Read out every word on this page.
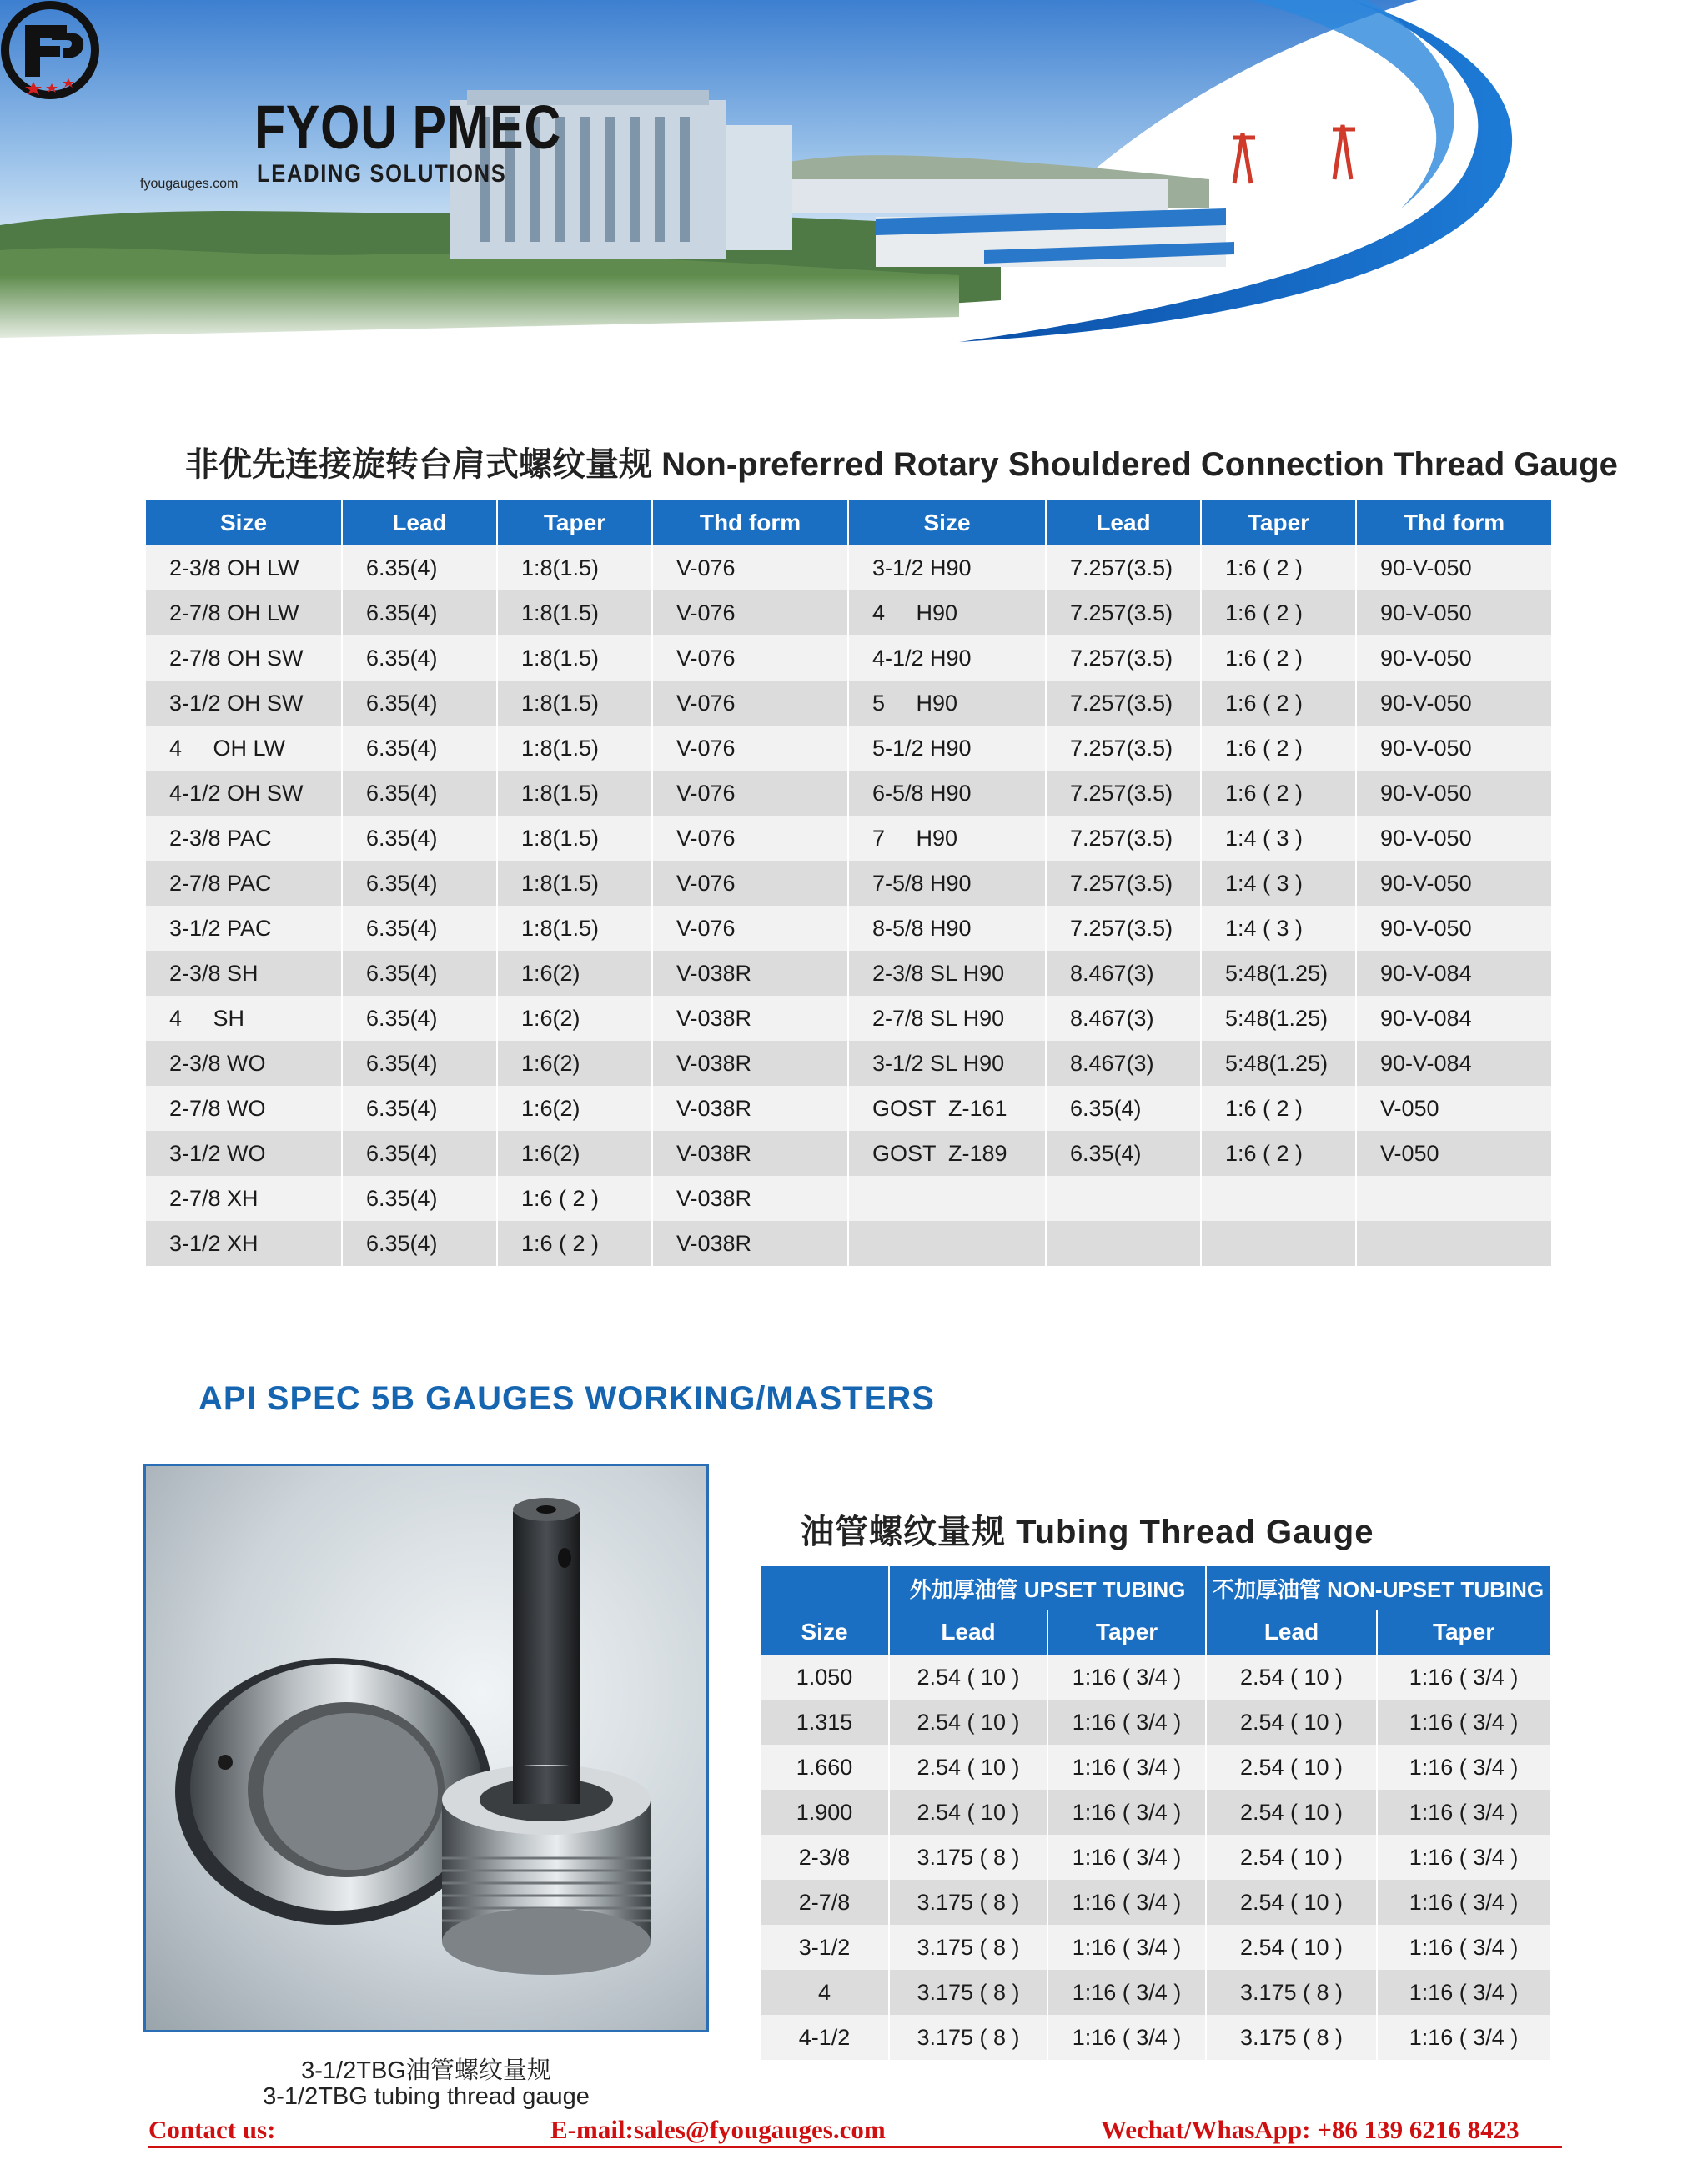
FYOU PMEC
LEADING SOLUTIONS
fyougauges.com
非优先连接旋转台肩式螺纹量规 Non-preferred Rotary Shouldered Connection Thread Gauge
Size	Lead	Taper	Thd form	Size	Lead	Taper	Thd form
2-3/8 OH LW	6.35(4)	1:8(1.5)	V-076	3-1/2 H90	7.257(3.5)	1:6 ( 2 )	90-V-050
2-7/8 OH LW	6.35(4)	1:8(1.5)	V-076	4     H90	7.257(3.5)	1:6 ( 2 )	90-V-050
2-7/8 OH SW	6.35(4)	1:8(1.5)	V-076	4-1/2 H90	7.257(3.5)	1:6 ( 2 )	90-V-050
3-1/2 OH SW	6.35(4)	1:8(1.5)	V-076	5     H90	7.257(3.5)	1:6 ( 2 )	90-V-050
4     OH LW	6.35(4)	1:8(1.5)	V-076	5-1/2 H90	7.257(3.5)	1:6 ( 2 )	90-V-050
4-1/2 OH SW	6.35(4)	1:8(1.5)	V-076	6-5/8 H90	7.257(3.5)	1:6 ( 2 )	90-V-050
2-3/8 PAC	6.35(4)	1:8(1.5)	V-076	7     H90	7.257(3.5)	1:4 ( 3 )	90-V-050
2-7/8 PAC	6.35(4)	1:8(1.5)	V-076	7-5/8 H90	7.257(3.5)	1:4 ( 3 )	90-V-050
3-1/2 PAC	6.35(4)	1:8(1.5)	V-076	8-5/8 H90	7.257(3.5)	1:4 ( 3 )	90-V-050
2-3/8 SH	6.35(4)	1:6(2)	V-038R	2-3/8 SL H90	8.467(3)	5:48(1.25)	90-V-084
4     SH	6.35(4)	1:6(2)	V-038R	2-7/8 SL H90	8.467(3)	5:48(1.25)	90-V-084
2-3/8 WO	6.35(4)	1:6(2)	V-038R	3-1/2 SL H90	8.467(3)	5:48(1.25)	90-V-084
2-7/8 WO	6.35(4)	1:6(2)	V-038R	GOST  Z-161	6.35(4)	1:6 ( 2 )	V-050
3-1/2 WO	6.35(4)	1:6(2)	V-038R	GOST  Z-189	6.35(4)	1:6 ( 2 )	V-050
2-7/8 XH	6.35(4)	1:6 ( 2 )	V-038R				
3-1/2 XH	6.35(4)	1:6 ( 2 )	V-038R				
API SPEC 5B GAUGES WORKING/MASTERS
3-1/2TBG油管螺纹量规
3-1/2TBG tubing thread gauge
油管螺纹量规 Tubing Thread Gauge
	外加厚油管 UPSET TUBING		不加厚油管 NON-UPSET TUBING	
Size	Lead	Taper	Lead	Taper
1.050	2.54 ( 10 )	1:16 ( 3/4 )	2.54 ( 10 )	1:16 ( 3/4 )
1.315	2.54 ( 10 )	1:16 ( 3/4 )	2.54 ( 10 )	1:16 ( 3/4 )
1.660	2.54 ( 10 )	1:16 ( 3/4 )	2.54 ( 10 )	1:16 ( 3/4 )
1.900	2.54 ( 10 )	1:16 ( 3/4 )	2.54 ( 10 )	1:16 ( 3/4 )
2-3/8	3.175 ( 8 )	1:16 ( 3/4 )	2.54 ( 10 )	1:16 ( 3/4 )
2-7/8	3.175 ( 8 )	1:16 ( 3/4 )	2.54 ( 10 )	1:16 ( 3/4 )
3-1/2	3.175 ( 8 )	1:16 ( 3/4 )	2.54 ( 10 )	1:16 ( 3/4 )
4	3.175 ( 8 )	1:16 ( 3/4 )	3.175 ( 8 )	1:16 ( 3/4 )
4-1/2	3.175 ( 8 )	1:16 ( 3/4 )	3.175 ( 8 )	1:16 ( 3/4 )
Contact us:	E-mail:sales@fyougauges.com	Wechat/WhasApp: +86 139 6216 8423
